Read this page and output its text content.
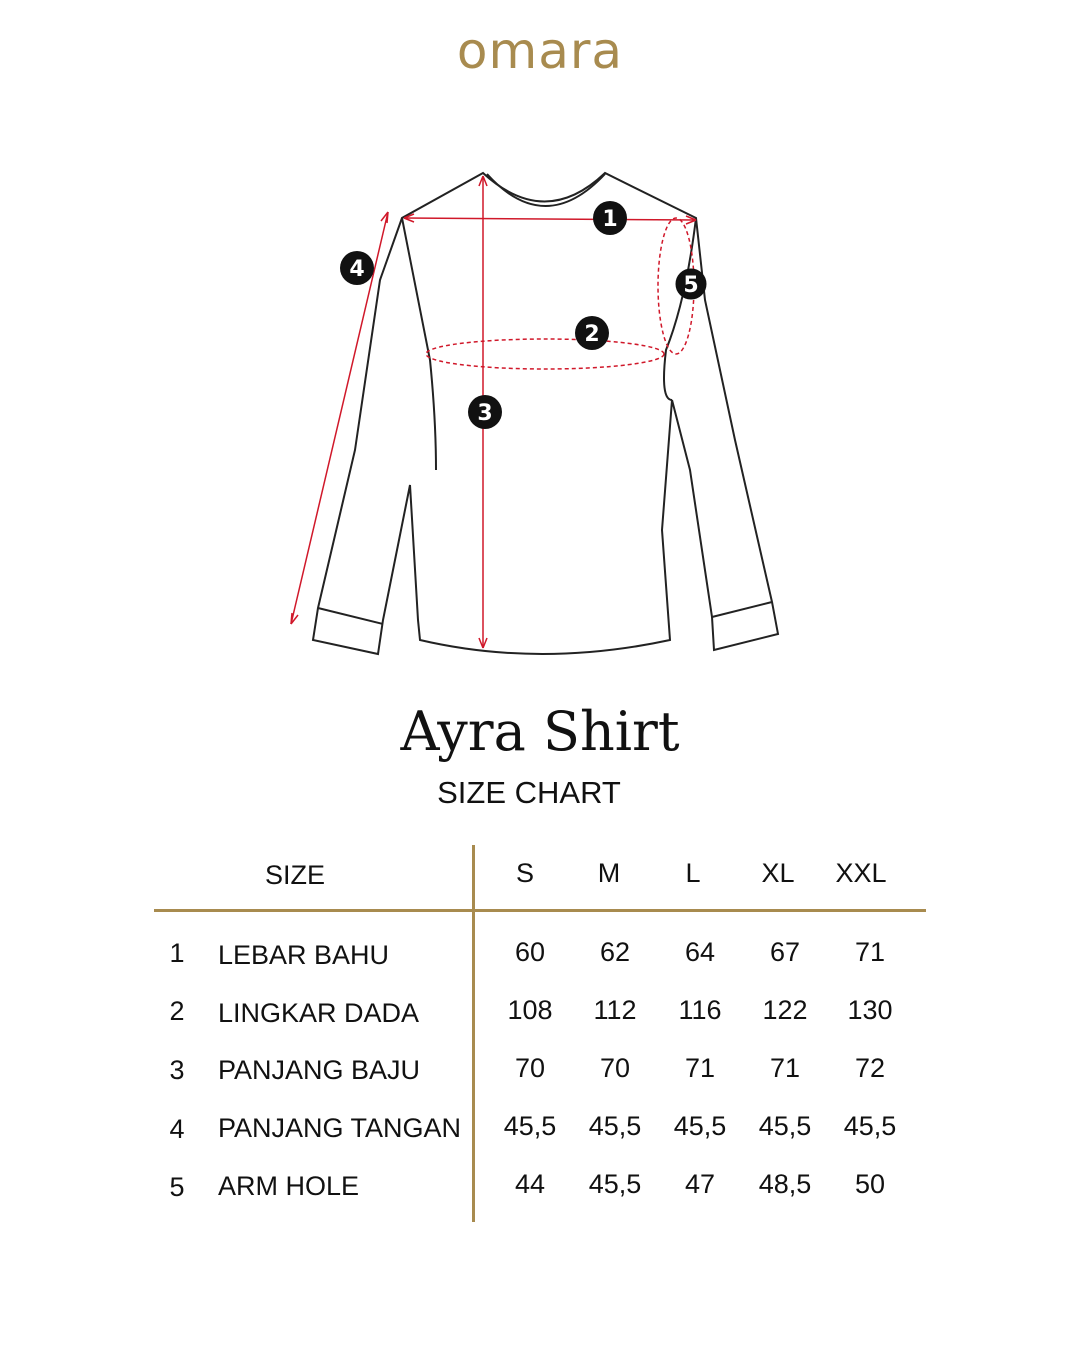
omara
1
2
3
4
5
Ayra Shirt
SIZE CHART
SIZE	S	M	L	XL	XXL
1 LEBAR BAHU	60	62	64	67	71
2 LINGKAR DADA	108	112	116	122	130
3 PANJANG BAJU	70	70	71	71	72
4 PANJANG TANGAN	45,5	45,5	45,5	45,5	45,5
5 ARM HOLE	44	45,5	47	48,5	50
